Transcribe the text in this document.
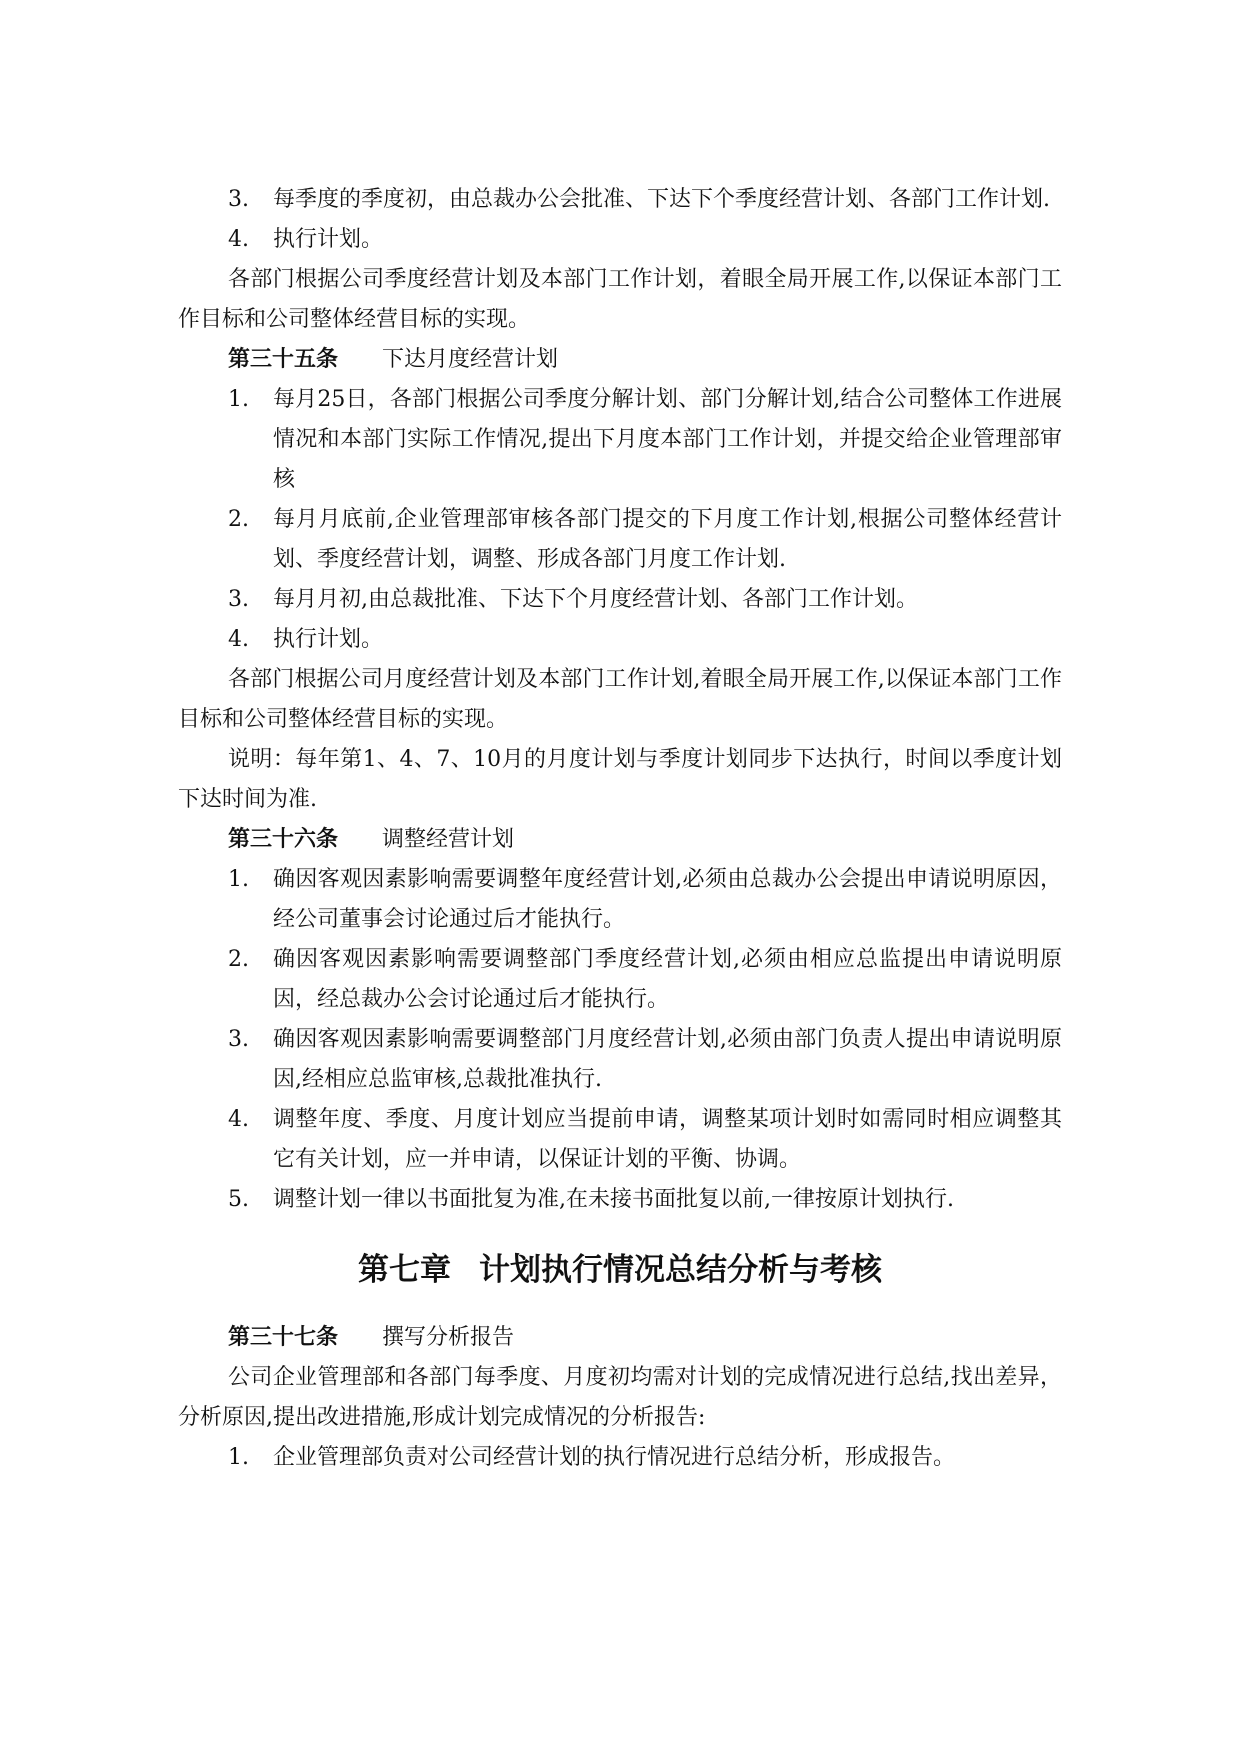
3.	每季度的季度初，由总裁办公会批准、下达下个季度经营计划、各部门工作计划.
4.	执行计划。

各部门根据公司季度经营计划及本部门工作计划，着眼全局开展工作,以保证本部门工作目标和公司整体经营目标的实现。

第三十五条 下达月度经营计划
1.	每月25日，各部门根据公司季度分解计划、部门分解计划,结合公司整体工作进展情况和本部门实际工作情况,提出下月度本部门工作计划，并提交给企业管理部审核
2.	每月月底前,企业管理部审核各部门提交的下月度工作计划,根据公司整体经营计划、季度经营计划，调整、形成各部门月度工作计划.
3.	每月月初,由总裁批准、下达下个月度经营计划、各部门工作计划。
4.	执行计划。

各部门根据公司月度经营计划及本部门工作计划,着眼全局开展工作,以保证本部门工作目标和公司整体经营目标的实现。

说明：每年第1、4、7、10月的月度计划与季度计划同步下达执行，时间以季度计划下达时间为准.

第三十六条 调整经营计划
1.	确因客观因素影响需要调整年度经营计划,必须由总裁办公会提出申请说明原因，经公司董事会讨论通过后才能执行。
2.	确因客观因素影响需要调整部门季度经营计划,必须由相应总监提出申请说明原因，经总裁办公会讨论通过后才能执行。
3.	确因客观因素影响需要调整部门月度经营计划,必须由部门负责人提出申请说明原因,经相应总监审核,总裁批准执行.
4.	调整年度、季度、月度计划应当提前申请，调整某项计划时如需同时相应调整其它有关计划，应一并申请，以保证计划的平衡、协调。
5.	调整计划一律以书面批复为准,在未接书面批复以前,一律按原计划执行.
第七章 计划执行情况总结分析与考核
第三十七条 撰写分析报告

公司企业管理部和各部门每季度、月度初均需对计划的完成情况进行总结,找出差异，分析原因,提出改进措施,形成计划完成情况的分析报告:

1.	企业管理部负责对公司经营计划的执行情况进行总结分析，形成报告。
